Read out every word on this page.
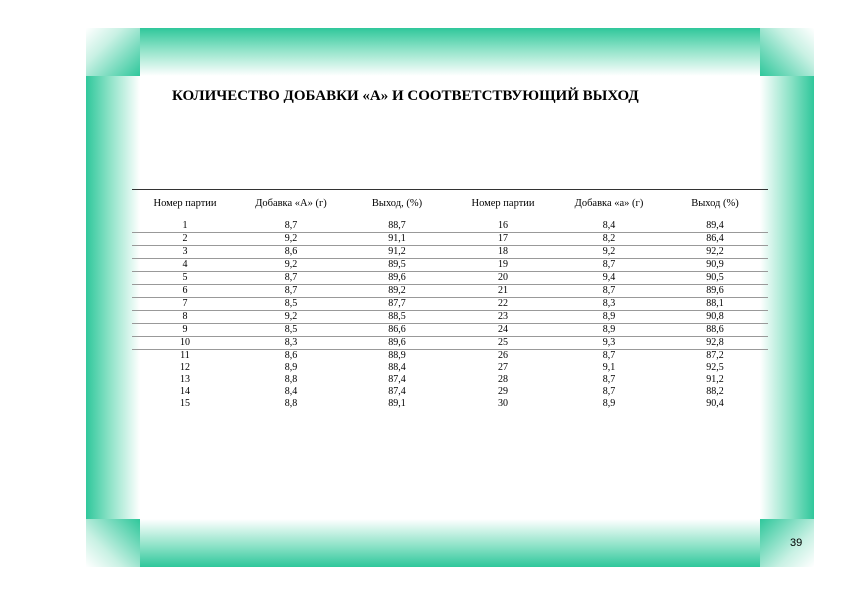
КОЛИЧЕСТВО ДОБАВКИ «А» И СООТВЕТСТВУЮЩИЙ ВЫХОД
Номер партии	Добавка «А» (г)	Выход, (%)	Номер партии	Добавка «а» (г)	Выход (%)

1	8,7	88,7	16	8,4	89,4
2	9,2	91,1	17	8,2	86,4
3	8,6	91,2	18	9,2	92,2
4	9,2	89,5	19	8,7	90,9
5	8,7	89,6	20	9,4	90,5
6	8,7	89,2	21	8,7	89,6
7	8,5	87,7	22	8,3	88,1
8	9,2	88,5	23	8,9	90,8
9	8,5	86,6	24	8,9	88,6
10	8,3	89,6	25	9,3	92,8
11	8,6	88,9	26	8,7	87,2
12	8,9	88,4	27	9,1	92,5
13	8,8	87,4	28	8,7	91,2
14	8,4	87,4	29	8,7	88,2
15	8,8	89,1	30	8,9	90,4
39
